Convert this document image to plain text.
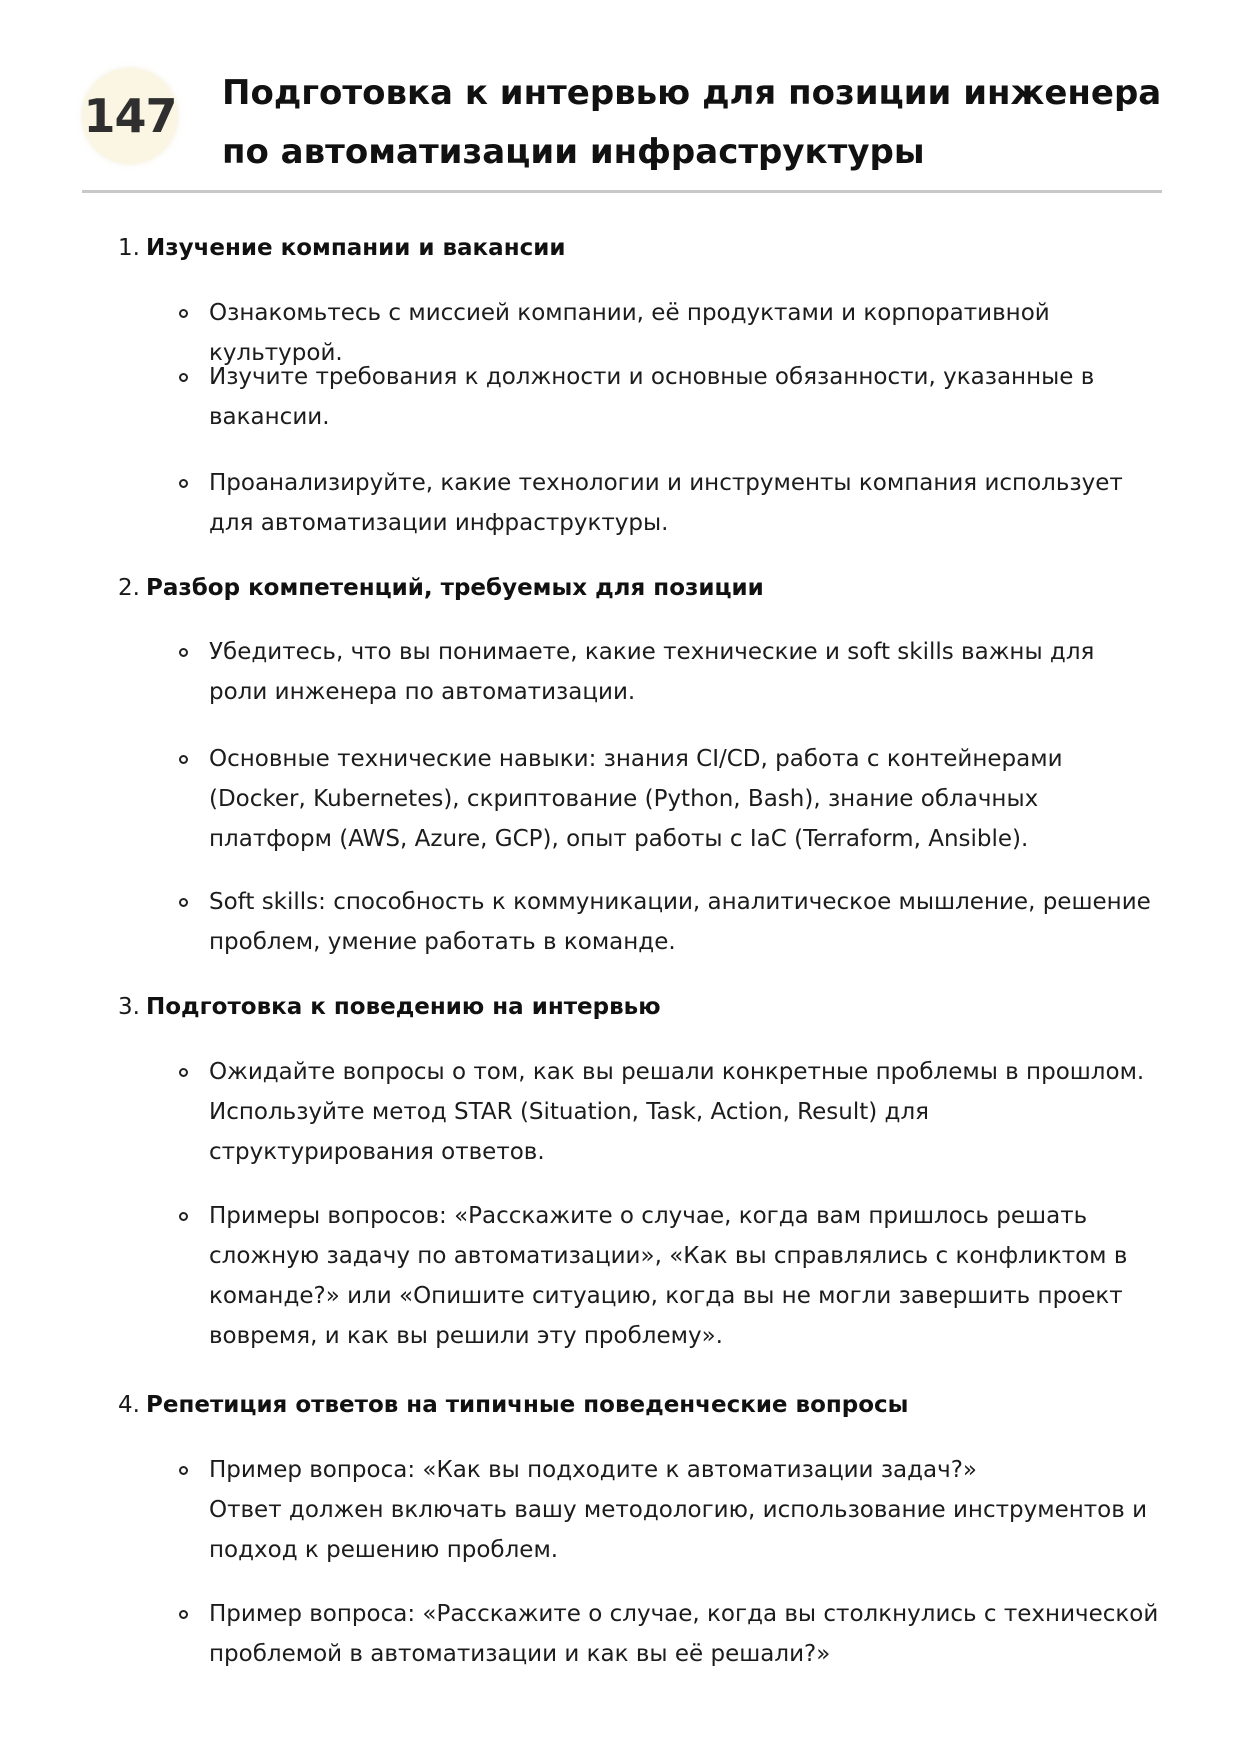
147 Подготовка к интервью для позиции инженера по автоматизации инфраструктуры
1. Изучение компании и вакансии
Ознакомьтесь с миссией компании, её продуктами и корпоративной культурой.
Изучите требования к должности и основные обязанности, указанные в вакансии.
Проанализируйте, какие технологии и инструменты компания использует для автоматизации инфраструктуры.
2. Разбор компетенций, требуемых для позиции
Убедитесь, что вы понимаете, какие технические и soft skills важны для роли инженера по автоматизации.
Основные технические навыки: знания CI/CD, работа с контейнерами (Docker, Kubernetes), скриптование (Python, Bash), знание облачных платформ (AWS, Azure, GCP), опыт работы с IaC (Terraform, Ansible).
Soft skills: способность к коммуникации, аналитическое мышление, решение проблем, умение работать в команде.
3. Подготовка к поведению на интервью
Ожидайте вопросы о том, как вы решали конкретные проблемы в прошлом. Используйте метод STAR (Situation, Task, Action, Result) для структурирования ответов.
Примеры вопросов: «Расскажите о случае, когда вам пришлось решать сложную задачу по автоматизации», «Как вы справлялись с конфликтом в команде?» или «Опишите ситуацию, когда вы не могли завершить проект вовремя, и как вы решили эту проблему».
4. Репетиция ответов на типичные поведенческие вопросы
Пример вопроса: «Как вы подходите к автоматизации задач?»
Ответ должен включать вашу методологию, использование инструментов и подход к решению проблем.
Пример вопроса: «Расскажите о случае, когда вы столкнулись с технической проблемой в автоматизации и как вы её решали?»
